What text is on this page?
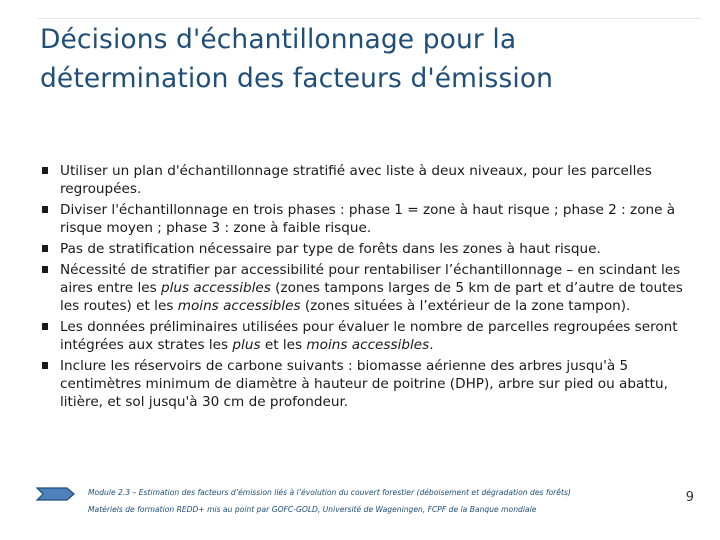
Décisions d'échantillonnage pour la détermination des facteurs d'émission
Utiliser un plan d'échantillonnage stratifié avec liste à deux niveaux, pour les parcelles regroupées.
Diviser l'échantillonnage en trois phases : phase 1 = zone à haut risque ; phase 2 : zone à risque moyen ; phase 3 : zone à faible risque.
Pas de stratification nécessaire par type de forêts dans les zones à haut risque.
Nécessité de stratifier par accessibilité pour rentabiliser l’échantillonnage – en scindant les aires entre les plus accessibles (zones tampons larges de 5 km de part et d’autre de toutes les routes) et les moins accessibles (zones situées à l’extérieur de la zone tampon).
Les données préliminaires utilisées pour évaluer le nombre de parcelles regroupées seront intégrées aux strates les plus et les moins accessibles.
Inclure les réservoirs de carbone suivants : biomasse aérienne des arbres jusqu'à 5 centimètres minimum de diamètre à hauteur de poitrine (DHP), arbre sur pied ou abattu, litière, et sol jusqu'à 30 cm de profondeur.
Module 2.3 – Estimation des facteurs d’émission liés à l’évolution du couvert forestier (déboisement et dégradation des forêts)
Matériels de formation REDD+ mis au point par GOFC-GOLD, Université de Wageningen, FCPF de la Banque mondiale
9
